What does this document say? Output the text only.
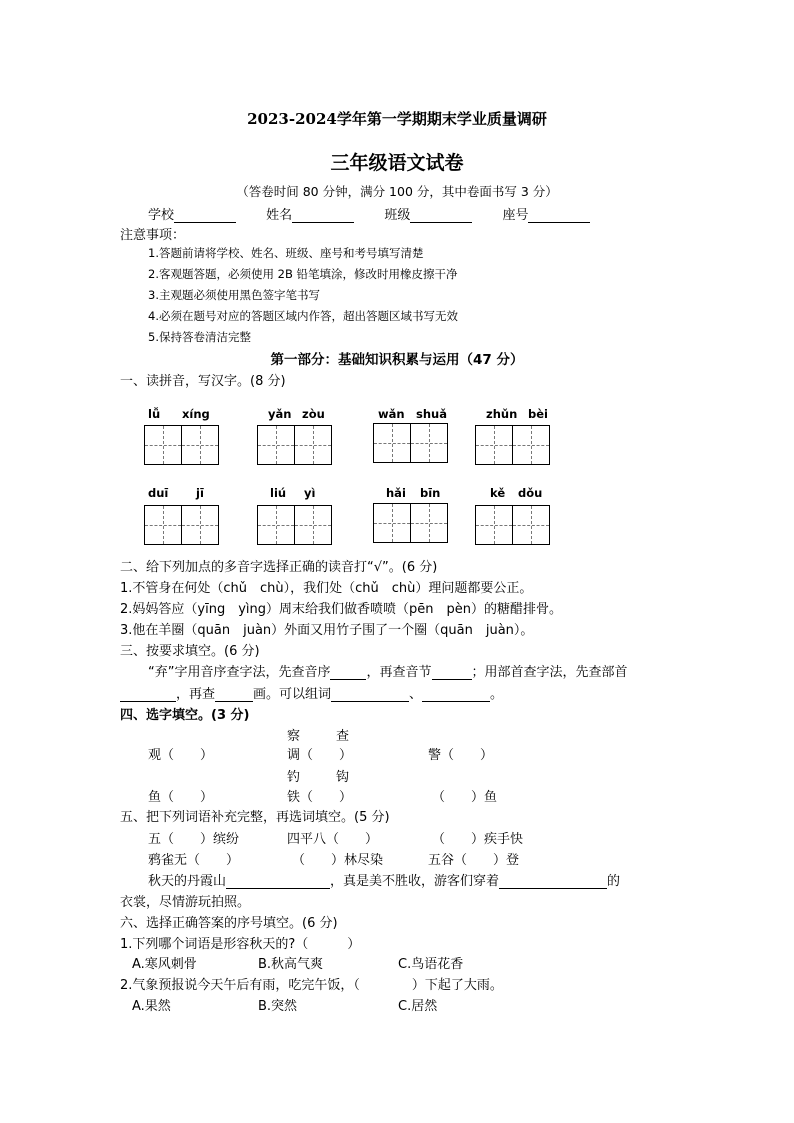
2023-2024学年第一学期期末学业质量调研
三年级语文试卷
（答卷时间 80 分钟，满分 100 分，其中卷面书写 3 分）
学校	姓名	班级	座号
注意事项：
1.答题前请将学校、姓名、班级、座号和考号填写清楚
2.客观题答题，必须使用 2B 铅笔填涂，修改时用橡皮擦干净
3.主观题必须使用黑色签字笔书写
4.必须在题号对应的答题区域内作答，超出答题区域书写无效
5.保持答卷清洁完整
第一部分：基础知识积累与运用（47 分）
一、读拼音，写汉字。(8 分)
lǚ xíng	yǎn zòu	wǎn shuǎ	zhǔn bèi
duī jī	liú yì	hǎi bīn	kě dǒu
二、给下列加点的多音字选择正确的读音打“√”。(6 分)
1.不管身在何处（chǔ　chù），我们处（chǔ　chù）理问题都要公正。
2.妈妈答应（yīng　yìng）周末给我们做香喷喷（pēn　pèn）的糖醋排骨。
3.他在羊圈（quān　juàn）外面又用竹子围了一个圈（quān　juàn）。
三、按要求填空。(6 分)
“弃”字用音序查字法，先查音序	，再查音节	；用部首查字法，先查部首
，再查	画。可以组词	、	。
四、选字填空。(3 分)
察	查
观（　　）	调（　　）	警（　　）
钓	钩
鱼（　　）	铁（　　）	（　　）鱼
五、把下列词语补充完整，再选词填空。(5 分)
五（　　）缤纷	四平八（　　）	（　　）疾手快
鸦雀无（　　）	（　　）林尽染	五谷（　　）登
秋天的丹霞山	，真是美不胜收，游客们穿着	的
衣裳，尽情游玩拍照。
六、选择正确答案的序号填空。(6 分)
1.下列哪个词语是形容秋天的?（　　　）
A.寒风刺骨	B.秋高气爽	C.鸟语花香
2.气象预报说今天午后有雨，吃完午饭，（　　　　）下起了大雨。
A.果然	B.突然	C.居然
